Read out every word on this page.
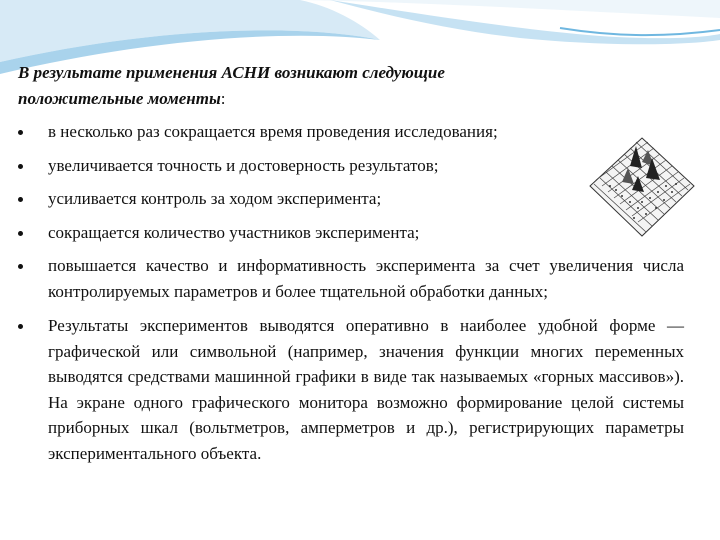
В результате применения АСНИ возникают следующие
положительные моменты:

в несколько раз сокращается время проведения исследования;
увеличивается точность и достоверность результатов;
усиливается контроль за ходом эксперимента;
сокращается количество участников эксперимента;
повышается качество и информативность эксперимента за счет увеличения числа контролируемых параметров и более тщательной обработки данных;
Результаты экспериментов выводятся оперативно в наиболее удобной форме — графической или символьной (например, значения функции многих переменных выводятся средствами машинной графики в виде так называемых «горных массивов»). На экране одного графического монитора возможно формирование целой системы приборных шкал (вольтметров, амперметров и др.), регистрирующих параметры экспериментального объекта.
